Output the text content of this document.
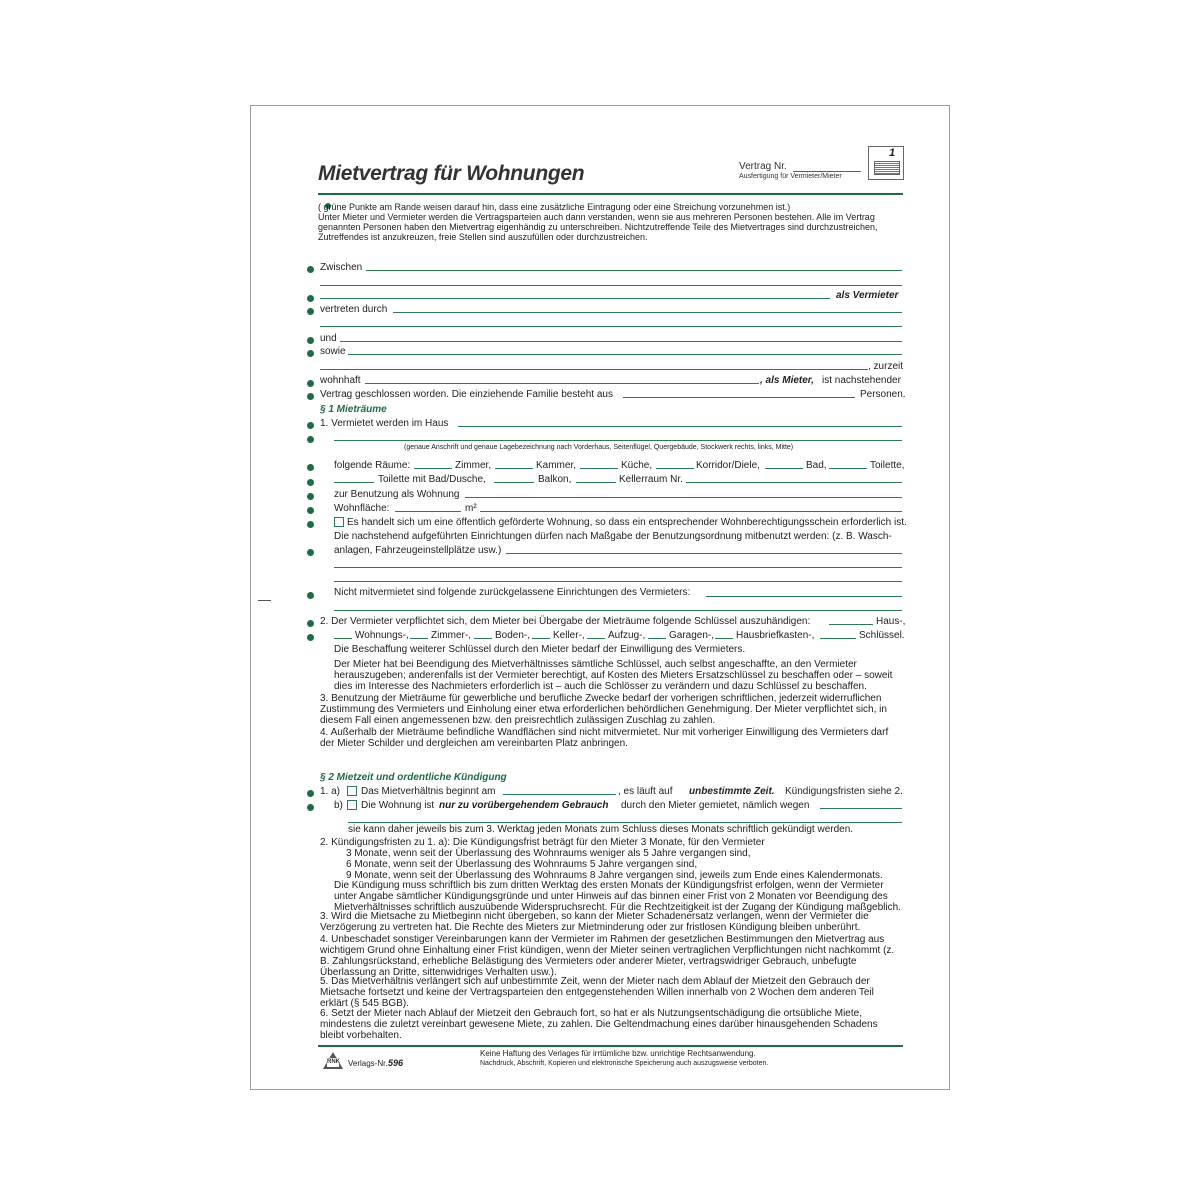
Mietvertrag für Wohnungen	Vertrag Nr.
Ausfertigung für Vermieter/Mieter
1
( grüne Punkte am Rande weisen darauf hin, dass eine zusätzliche Eintragung oder eine Streichung vorzunehmen ist.)
Unter Mieter und Vermieter werden die Vertragsparteien auch dann verstanden, wenn sie aus mehreren Personen bestehen. Alle im Vertrag genannten Personen haben den Mietvertrag eigenhändig zu unterschreiben. Nichtzutreffende Teile des Mietvertrages sind durchzustreichen, Zutreffendes ist anzukreuzen, freie Stellen sind auszufüllen oder durchzustreichen.
Zwischen
als Vermieter
vertreten durch
und
sowie
, zurzeit
wohnhaft	, als Mieter, ist nachstehender
Vertrag geschlossen worden. Die einziehende Familie besteht aus	Personen.
§ 1 Mieträume
1. Vermietet werden im Haus
(genaue Anschrift und genaue Lagebezeichnung nach Vorderhaus, Seitenflügel, Quergebäude, Stockwerk rechts, links, Mitte)
folgende Räume:	Zimmer,	Kammer,	Küche,	Korridor/Diele,	Bad,	Toilette,
Toilette mit Bad/Dusche,	Balkon,	Kellerraum Nr.
zur Benutzung als Wohnung
Wohnfläche:	m²
Es handelt sich um eine öffentlich geförderte Wohnung, so dass ein entsprechender Wohnberechtigungsschein erforderlich ist.
Die nachstehend aufgeführten Einrichtungen dürfen nach Maßgabe der Benutzungsordnung mitbenutzt werden: (z. B. Wasch-
anlagen, Fahrzeugeinstellplätze usw.)
Nicht mitvermietet sind folgende zurückgelassene Einrichtungen des Vermieters:
2. Der Vermieter verpflichtet sich, dem Mieter bei Übergabe der Mieträume folgende Schlüssel auszuhändigen:	Haus-,
Wohnungs-, Zimmer-, Boden-, Keller-, Aufzug-, Garagen-, Hausbriefkasten-,	Schlüssel.
Die Beschaffung weiterer Schlüssel durch den Mieter bedarf der Einwilligung des Vermieters.
Der Mieter hat bei Beendigung des Mietverhältnisses sämtliche Schlüssel, auch selbst angeschaffte, an den Vermieter herauszugeben; anderenfalls ist der Vermieter berechtigt, auf Kosten des Mieters Ersatzschlüssel zu beschaffen oder – soweit dies im Interesse des Nachmieters erforderlich ist – auch die Schlösser zu verändern und dazu Schlüssel zu beschaffen.
3. Benutzung der Mieträume für gewerbliche und berufliche Zwecke bedarf der vorherigen schriftlichen, jederzeit widerruflichen Zustimmung des Vermieters und Einholung einer etwa erforderlichen behördlichen Genehmigung. Der Mieter verpflichtet sich, in diesem Fall einen angemessenen bzw. den preisrechtlich zulässigen Zuschlag zu zahlen.
4. Außerhalb der Mieträume befindliche Wandflächen sind nicht mitvermietet. Nur mit vorheriger Einwilligung des Vermieters darf der Mieter Schilder und dergleichen am vereinbarten Platz anbringen.
§ 2 Mietzeit und ordentliche Kündigung
1. a) Das Mietverhältnis beginnt am	, es läuft auf unbestimmte Zeit. Kündigungsfristen siehe 2.
b) Die Wohnung ist nur zu vorübergehendem Gebrauch durch den Mieter gemietet, nämlich wegen
sie kann daher jeweils bis zum 3. Werktag jeden Monats zum Schluss dieses Monats schriftlich gekündigt werden.
2. Kündigungsfristen zu 1. a): Die Kündigungsfrist beträgt für den Mieter 3 Monate, für den Vermieter
3 Monate, wenn seit der Überlassung des Wohnraums weniger als 5 Jahre vergangen sind,
6 Monate, wenn seit der Überlassung des Wohnraums 5 Jahre vergangen sind,
9 Monate, wenn seit der Überlassung des Wohnraums 8 Jahre vergangen sind, jeweils zum Ende eines Kalendermonats.
Die Kündigung muss schriftlich bis zum dritten Werktag des ersten Monats der Kündigungsfrist erfolgen, wenn der Vermieter unter Angabe sämtlicher Kündigungsgründe und unter Hinweis auf das binnen einer Frist von 2 Monaten vor Beendigung des Mietverhältnisses schriftlich auszuübende Widerspruchsrecht. Für die Rechtzeitigkeit ist der Zugang der Kündigung maßgeblich.
3. Wird die Mietsache zu Mietbeginn nicht übergeben, so kann der Mieter Schadenersatz verlangen, wenn der Vermieter die Verzögerung zu vertreten hat. Die Rechte des Mieters zur Mietminderung oder zur fristlosen Kündigung bleiben unberührt.
4. Unbeschadet sonstiger Vereinbarungen kann der Vermieter im Rahmen der gesetzlichen Bestimmungen den Mietvertrag aus wichtigem Grund ohne Einhaltung einer Frist kündigen, wenn der Mieter seinen vertraglichen Verpflichtungen nicht nachkommt (z. B. Zahlungsrückstand, erhebliche Belästigung des Vermieters oder anderer Mieter, vertragswidriger Gebrauch, unbefugte Überlassung an Dritte, sittenwidriges Verhalten usw.).
5. Das Mietverhältnis verlängert sich auf unbestimmte Zeit, wenn der Mieter nach dem Ablauf der Mietzeit den Gebrauch der Mietsache fortsetzt und keine der Vertragsparteien den entgegenstehenden Willen innerhalb von 2 Wochen dem anderen Teil erklärt (§ 545 BGB).
6. Setzt der Mieter nach Ablauf der Mietzeit den Gebrauch fort, so hat er als Nutzungsentschädigung die ortsübliche Miete, mindestens die zuletzt vereinbart gewesene Miete, zu zahlen. Die Geltendmachung eines darüber hinausgehenden Schadens bleibt vorbehalten.
RNK Verlags-Nr. 596
Keine Haftung des Verlages für irrtümliche bzw. unrichtige Rechtsanwendung.
Nachdruck, Abschrift, Kopieren und elektronische Speicherung auch auszugsweise verboten.
